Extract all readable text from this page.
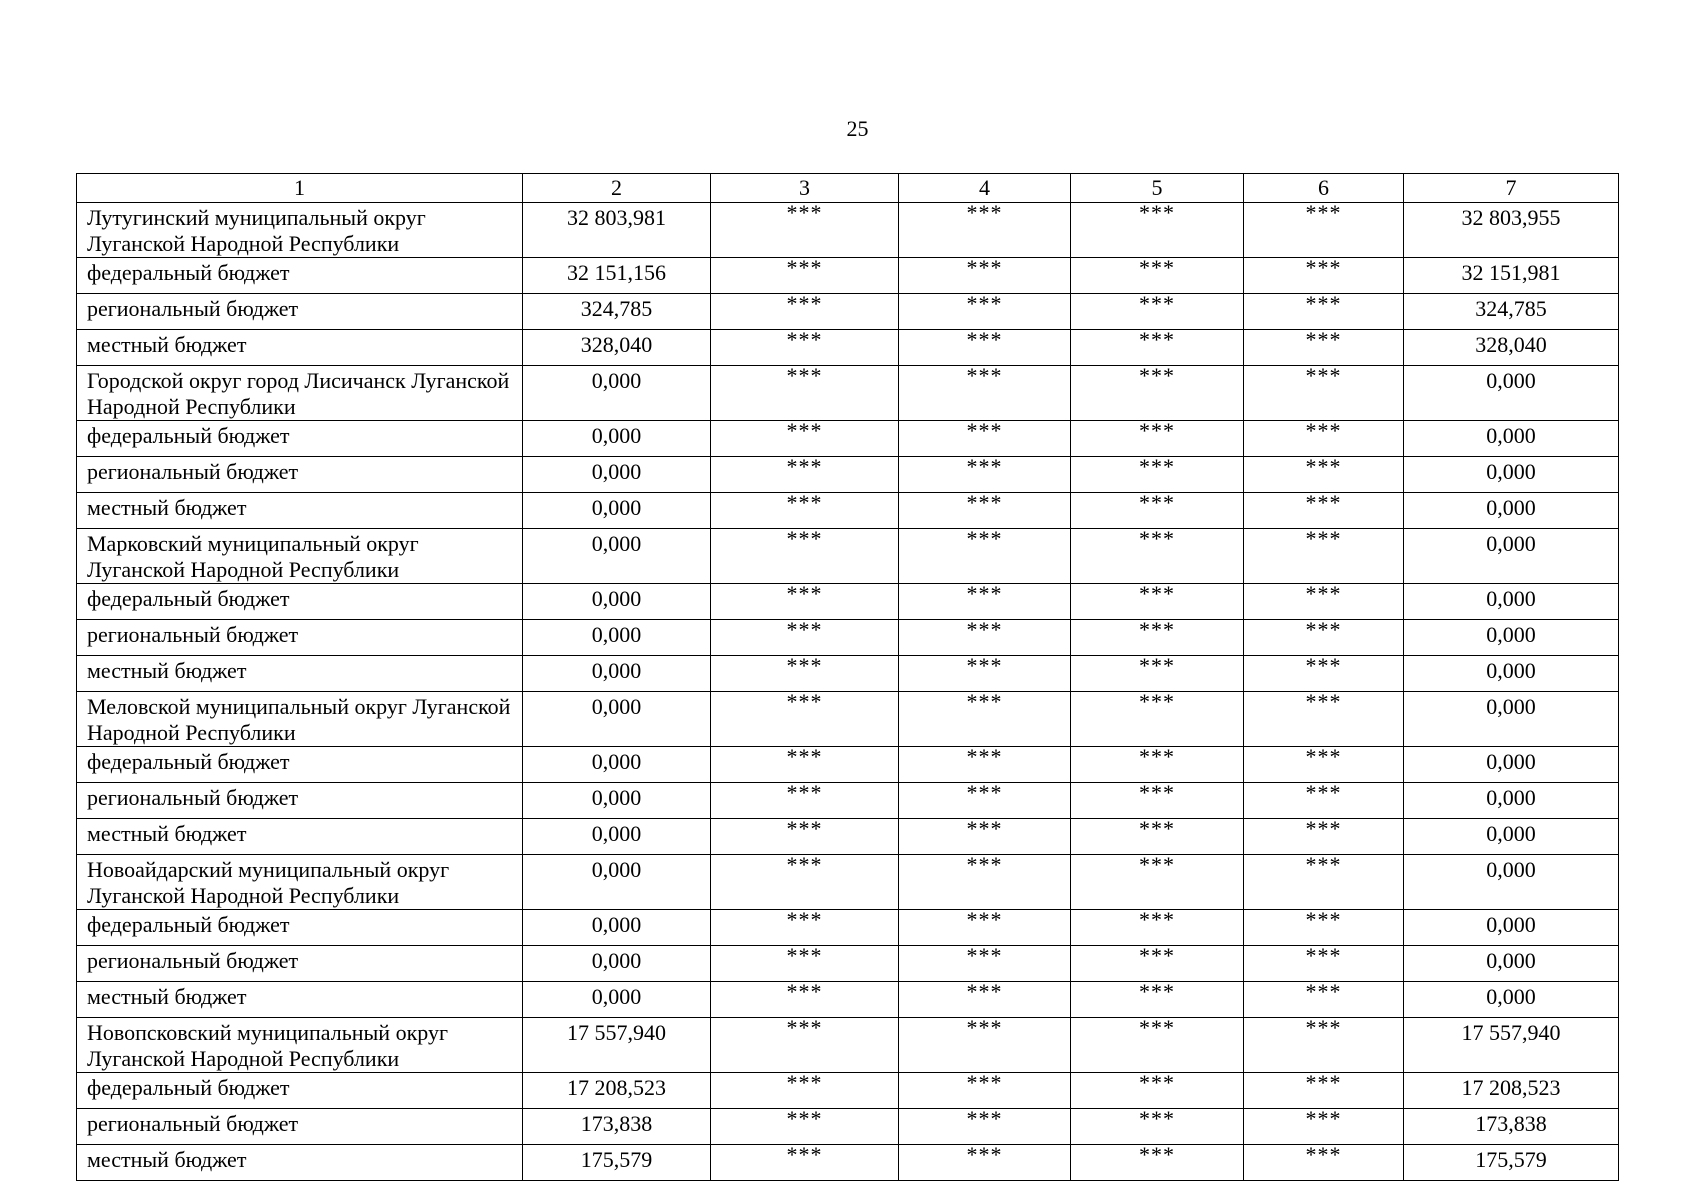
25
1	2	3	4	5	6	7
Лутугинский муниципальный округ Луганской Народной Республики	32 803,981	***	***	***	***	32 803,955
федеральный бюджет	32 151,156	***	***	***	***	32 151,981
региональный бюджет	324,785	***	***	***	***	324,785
местный бюджет	328,040	***	***	***	***	328,040
Городской округ город Лисичанск Луганской Народной Республики	0,000	***	***	***	***	0,000
федеральный бюджет	0,000	***	***	***	***	0,000
региональный бюджет	0,000	***	***	***	***	0,000
местный бюджет	0,000	***	***	***	***	0,000
Марковский муниципальный округ Луганской Народной Республики	0,000	***	***	***	***	0,000
федеральный бюджет	0,000	***	***	***	***	0,000
региональный бюджет	0,000	***	***	***	***	0,000
местный бюджет	0,000	***	***	***	***	0,000
Меловской муниципальный округ Луганской Народной Республики	0,000	***	***	***	***	0,000
федеральный бюджет	0,000	***	***	***	***	0,000
региональный бюджет	0,000	***	***	***	***	0,000
местный бюджет	0,000	***	***	***	***	0,000
Новоайдарский муниципальный округ Луганской Народной Республики	0,000	***	***	***	***	0,000
федеральный бюджет	0,000	***	***	***	***	0,000
региональный бюджет	0,000	***	***	***	***	0,000
местный бюджет	0,000	***	***	***	***	0,000
Новопсковский муниципальный округ Луганской Народной Республики	17 557,940	***	***	***	***	17 557,940
федеральный бюджет	17 208,523	***	***	***	***	17 208,523
региональный бюджет	173,838	***	***	***	***	173,838
местный бюджет	175,579	***	***	***	***	175,579
